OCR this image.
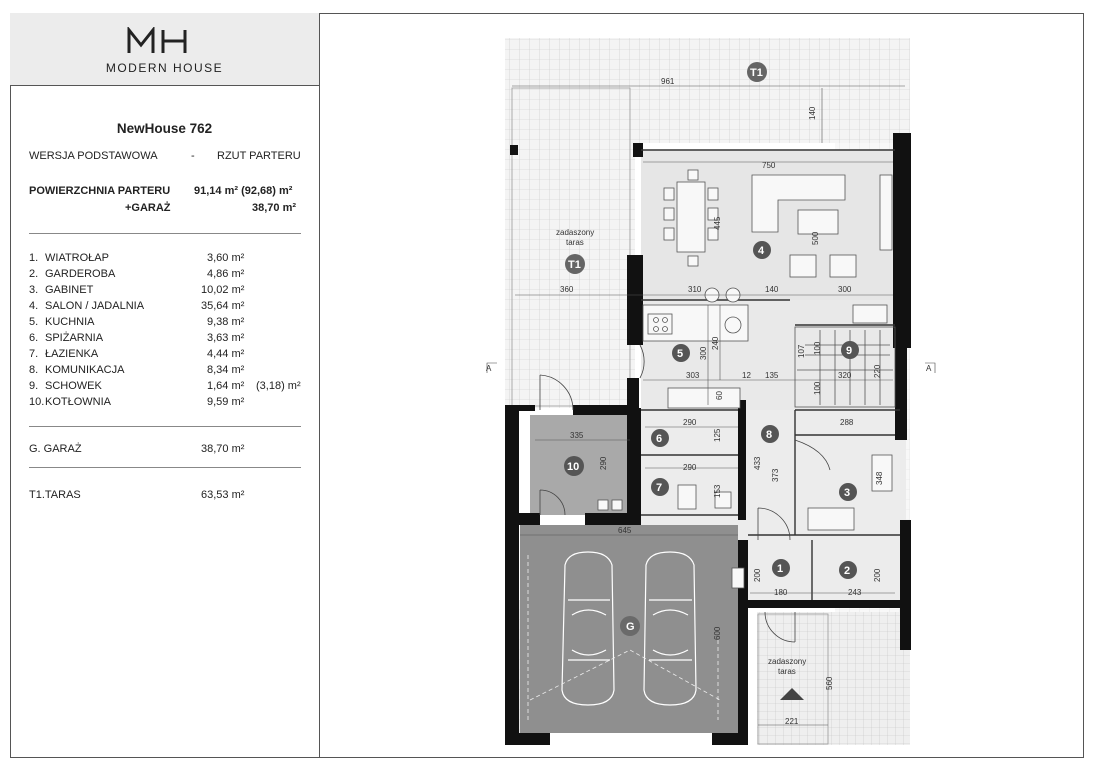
MODERN HOUSE
NewHouse 762
WERSJA PODSTAWOWA	- RZUT PARTERU
POWIERZCHNIA PARTERU 91,14 m² (92,68) m²
+GARAŻ	38,70 m²
1. WIATROŁAP	3,60 m²
2. GARDEROBA	4,86 m²
3. GABINET	10,02 m²
4. SALON / JADALNIA	35,64 m²
5. KUCHNIA	9,38 m²
6. SPIŻARNIA	3,63 m²
7. ŁAZIENKA	4,44 m²
8. KOMUNIKACJA	8,34 m²
9. SCHOWEK	1,64 m² (3,18) m²
10. KOTŁOWNIA	9,59 m²
G. GARAŻ	38,70 m²
T1.TARAS	63,53 m²
A	A
961
140
750
445
500
360	310	140	300
300
240
303	12 135
107 100
320	220
100
60
335
290
290
125
288
433
373	348
290
153
645
200
180	243
200
600
560
221
zadaszony
taras
zadaszony
taras
1	2
3
4
5
6
7
8
9
10
G
T1
T1
